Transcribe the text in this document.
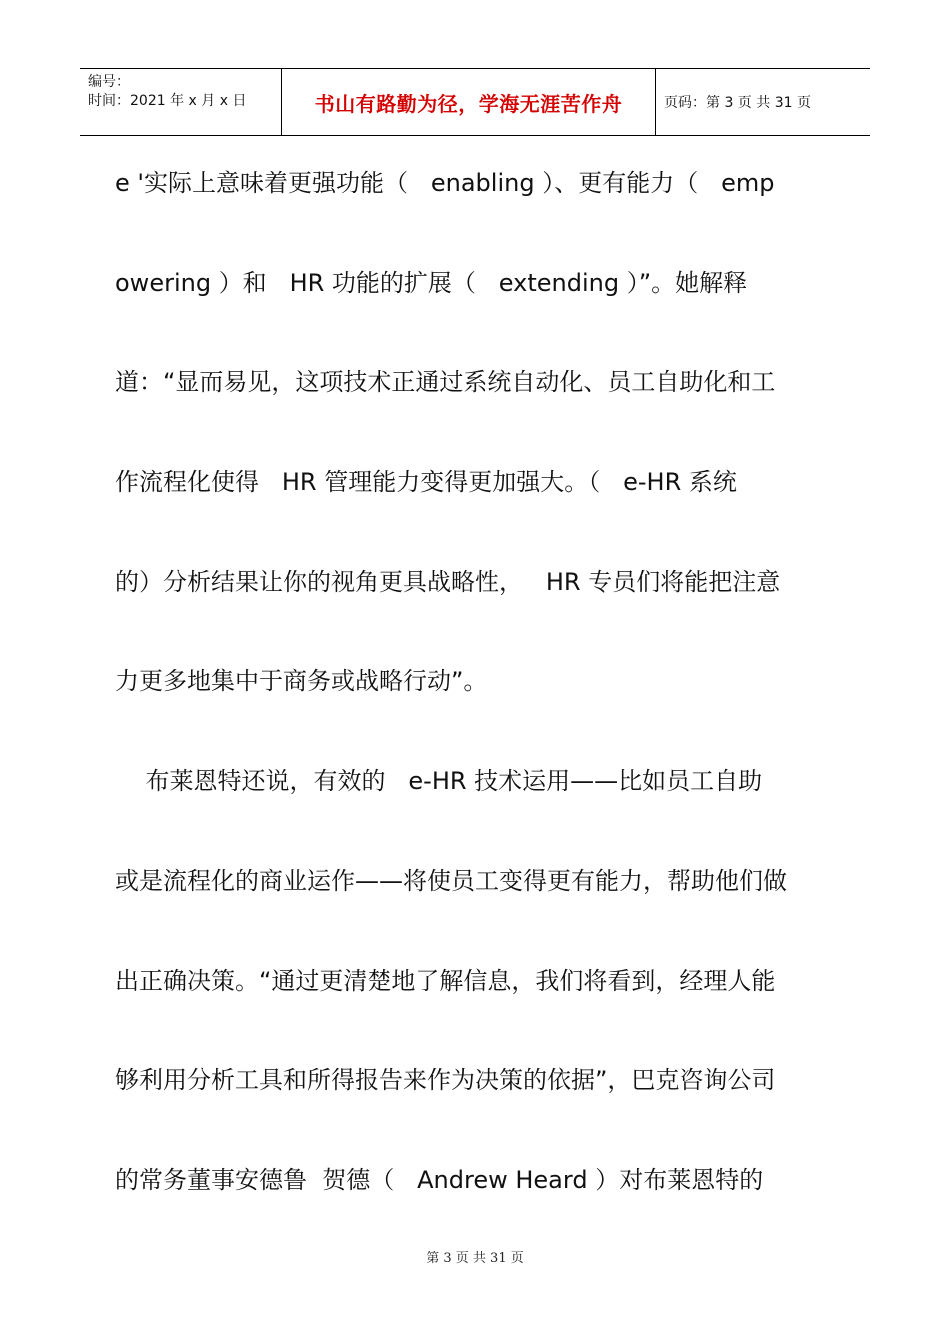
编号：
时间：2021 年 x 月 x 日	书山有路勤为径，学海无涯苦作舟	页码：第 3 页 共 31 页
e '实际上意味着更强功能（   enabling ）、更有能力（   emp
owering ）和   HR 功能的扩展（   extending ）”。她解释
道：“显而易见，这项技术正通过系统自动化、员工自助化和工
作流程化使得   HR 管理能力变得更加强大。（   e-HR 系统
的）分析结果让你的视角更具战略性，   HR 专员们将能把注意
力更多地集中于商务或战略行动”。
布莱恩特还说，有效的   e-HR 技术运用——比如员工自助
或是流程化的商业运作——将使员工变得更有能力，帮助他们做
出正确决策。“通过更清楚地了解信息，我们将看到，经理人能
够利用分析工具和所得报告来作为决策的依据”，巴克咨询公司
的常务董事安德鲁  贺德（   Andrew Heard ）对布莱恩特的
第 3 页 共 31 页
